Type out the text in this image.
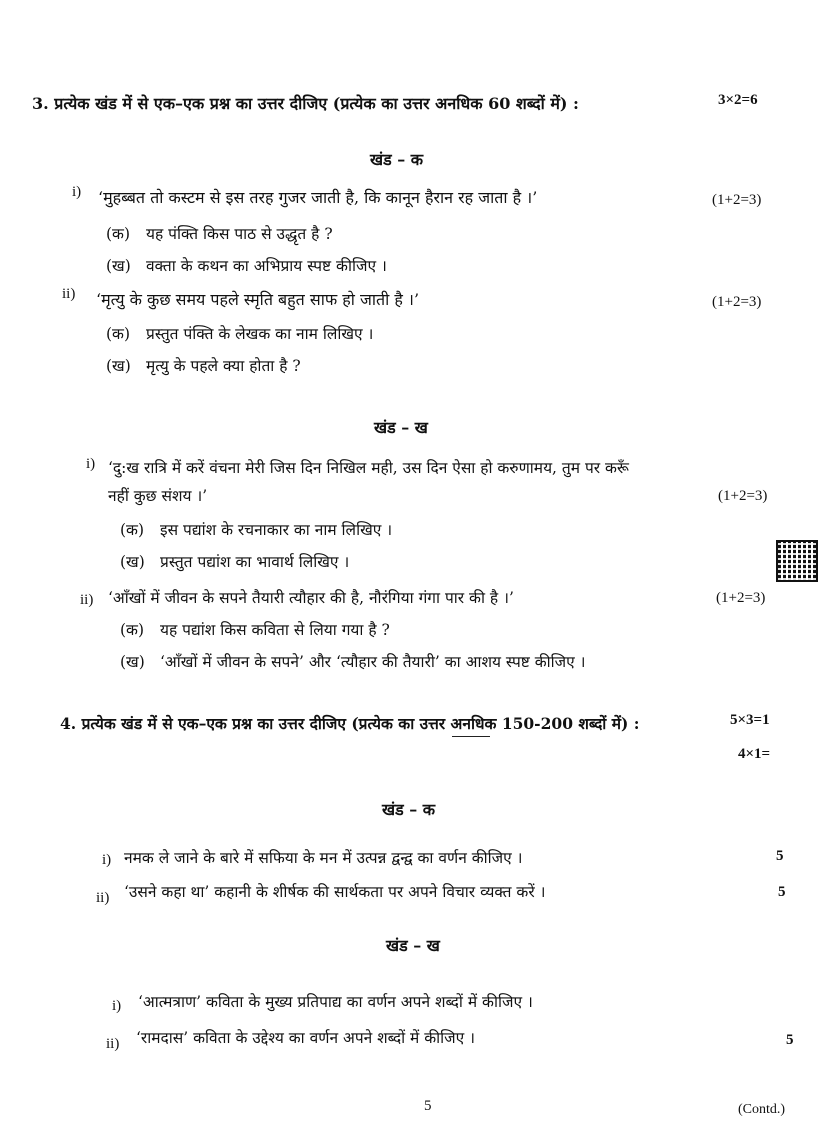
3. प्रत्येक खंड में से एक–एक प्रश्न का उत्तर दीजिए (प्रत्येक का उत्तर अनधिक 60 शब्दों में) :	3×2=6
खंड – क
i) ‘मुहब्बत तो कस्टम से इस तरह गुजर जाती है, कि कानून हैरान रह जाता है ।’	(1+2=3)
(क) यह पंक्ति किस पाठ से उद्धृत है ?
(ख) वक्ता के कथन का अभिप्राय स्पष्ट कीजिए ।
ii) ‘मृत्यु के कुछ समय पहले स्मृति बहुत साफ हो जाती है ।’	(1+2=3)
(क) प्रस्तुत पंक्ति के लेखक का नाम लिखिए ।
(ख) मृत्यु के पहले क्या होता है ?
खंड – ख
i) ‘दु:ख रात्रि में करें वंचना मेरी जिस दिन निखिल मही, उस दिन ऐसा हो करुणामय, तुम पर करूँ
नहीं कुछ संशय ।’	(1+2=3)
(क) इस पद्यांश के रचनाकार का नाम लिखिए ।
(ख) प्रस्तुत पद्यांश का भावार्थ लिखिए ।
ii) ‘आँखों में जीवन के सपने तैयारी त्यौहार की है, नौरंगिया गंगा पार की है ।’	(1+2=3)
(क) यह पद्यांश किस कविता से लिया गया है ?
(ख) ‘आँखों में जीवन के सपने’ और ‘त्यौहार की तैयारी’ का आशय स्पष्ट कीजिए ।
4. प्रत्येक खंड में से एक–एक प्रश्न का उत्तर दीजिए (प्रत्येक का उत्तर अनधिक 150-200 शब्दों में) :	5×3=1
4×1=
खंड – क
i) नमक ले जाने के बारे में सफिया के मन में उत्पन्न द्वन्द्व का वर्णन कीजिए ।	5
ii) ‘उसने कहा था’ कहानी के शीर्षक की सार्थकता पर अपने विचार व्यक्त करें ।	5
खंड – ख
i) ‘आत्मत्राण’ कविता के मुख्य प्रतिपाद्य का वर्णन अपने शब्दों में कीजिए ।
ii) ‘रामदास’ कविता के उद्देश्य का वर्णन अपने शब्दों में कीजिए ।	5
5	(Contd.)
